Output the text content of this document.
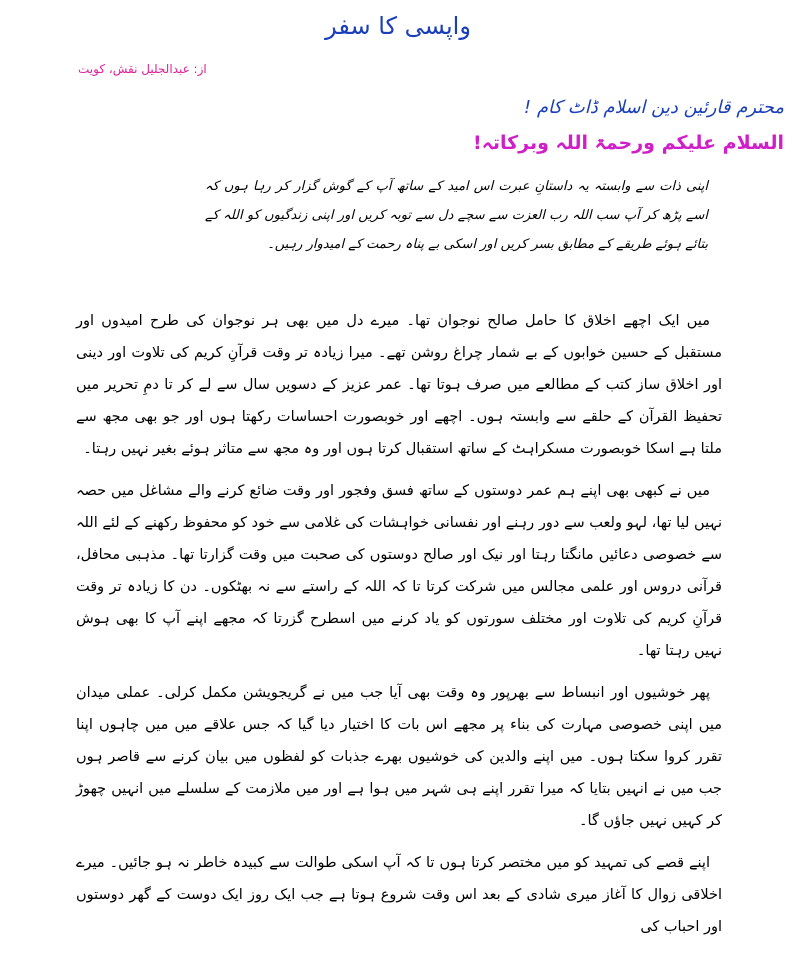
واپسی کا سفر
از: عبدالجلیل نقش، کویت
محترم قارئین دین اسلام ڈاٹ کام !
السلام علیکم ورحمۃ اللہ وبرکاتہ!

اپنی ذات سے وابستہ یہ داستانِ عبرت اس امید کے ساتھ آپ کے گوش گزار کر رہا ہوں کہ اسے پڑھ کر آپ سب اللہ رب العزت سے سچے دل سے توبہ کریں اور اپنی زندگیوں کو اللہ کے بتائے ہوئے طریقے کے مطابق بسر کریں اور اسکی بے پناہ رحمت کے امیدوار رہیں۔

میں ایک اچھے اخلاق کا حامل صالح نوجوان تھا۔ میرے دل میں بھی ہر نوجوان کی طرح امیدوں اور مستقبل کے حسین خوابوں کے بے شمار چراغ روشن تھے۔ میرا زیادہ تر وقت قرآنِ کریم کی تلاوت اور دینی اور اخلاق ساز کتب کے مطالعے میں صرف ہوتا تھا۔ عمر عزیز کے دسویں سال سے لے کر تا دمِ تحریر میں تحفیظ القرآن کے حلقے سے وابستہ ہوں۔ اچھے اور خوبصورت احساسات رکھتا ہوں اور جو بھی مجھ سے ملتا ہے اسکا خوبصورت مسکراہٹ کے ساتھ استقبال کرتا ہوں اور وہ مجھ سے متاثر ہوئے بغیر نہیں رہتا۔

میں نے کبھی بھی اپنے ہم عمر دوستوں کے ساتھ فسق وفجور اور وقت ضائع کرنے والے مشاغل میں حصہ نہیں لیا تھا، لہو ولعب سے دور رہنے اور نفسانی خواہشات کی غلامی سے خود کو محفوظ رکھنے کے لئے اللہ سے خصوصی دعائیں مانگتا رہتا اور نیک اور صالح دوستوں کی صحبت میں وقت گزارتا تھا۔ مذہبی محافل، قرآنی دروس اور علمی مجالس میں شرکت کرتا تا کہ اللہ کے راستے سے نہ بھٹکوں۔ دن کا زیادہ تر وقت قرآنِ کریم کی تلاوت اور مختلف سورتوں کو یاد کرنے میں اسطرح گزرتا کہ مجھے اپنے آپ کا بھی ہوش نہیں رہتا تھا۔

پھر خوشیوں اور انبساط سے بھرپور وہ وقت بھی آیا جب میں نے گریجویشن مکمل کرلی۔ عملی میدان میں اپنی خصوصی مہارت کی بناء پر مجھے اس بات کا اختیار دیا گیا کہ جس علاقے میں میں چاہوں اپنا تقرر کروا سکتا ہوں۔ میں اپنے والدین کی خوشیوں بھرے جذبات کو لفظوں میں بیان کرنے سے قاصر ہوں جب میں نے انہیں بتایا کہ میرا تقرر اپنے ہی شہر میں ہوا ہے اور میں ملازمت کے سلسلے میں انہیں چھوڑ کر کہیں نہیں جاؤں گا۔

اپنے قصے کی تمہید کو میں مختصر کرتا ہوں تا کہ آپ اسکی طوالت سے کبیدہ خاطر نہ ہو جائیں۔ میرے اخلاقی زوال کا آغاز میری شادی کے بعد اس وقت شروع ہوتا ہے جب ایک روز ایک دوست کے گھر دوستوں اور احباب کی
